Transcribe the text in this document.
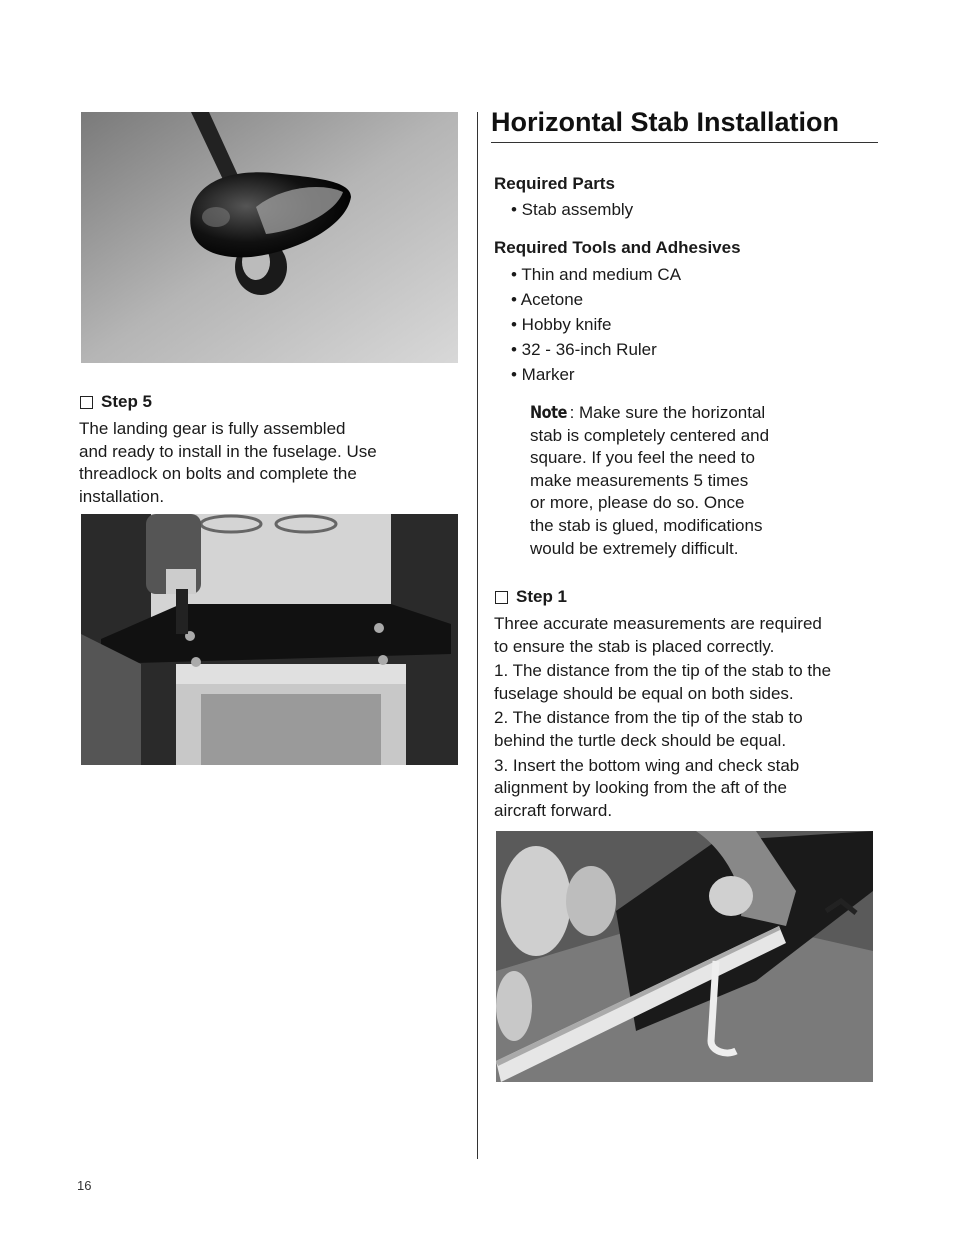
Step 5
The landing gear is fully assembled
and ready to install in the fuselage. Use
threadlock on bolts and complete the
installation.
Horizontal Stab Installation
Required Parts
• Stab assembly
Required Tools and Adhesives
• Thin and medium CA
• Acetone
• Hobby knife
• 32 - 36-inch Ruler
• Marker
Note : Make sure the horizontal
stab is completely centered and
square. If you feel the need to
make measurements 5 times
or more, please do so. Once
the stab is glued, modifications
would be extremely difficult.
Step 1
Three accurate measurements are required
to ensure the stab is placed correctly.
1. The distance from the tip of the stab to the
fuselage should be equal on both sides.
2. The distance from the tip of the stab to
behind the turtle deck should be equal.
3. Insert the bottom wing and check stab
alignment by looking from the aft of the
aircraft forward.
16
